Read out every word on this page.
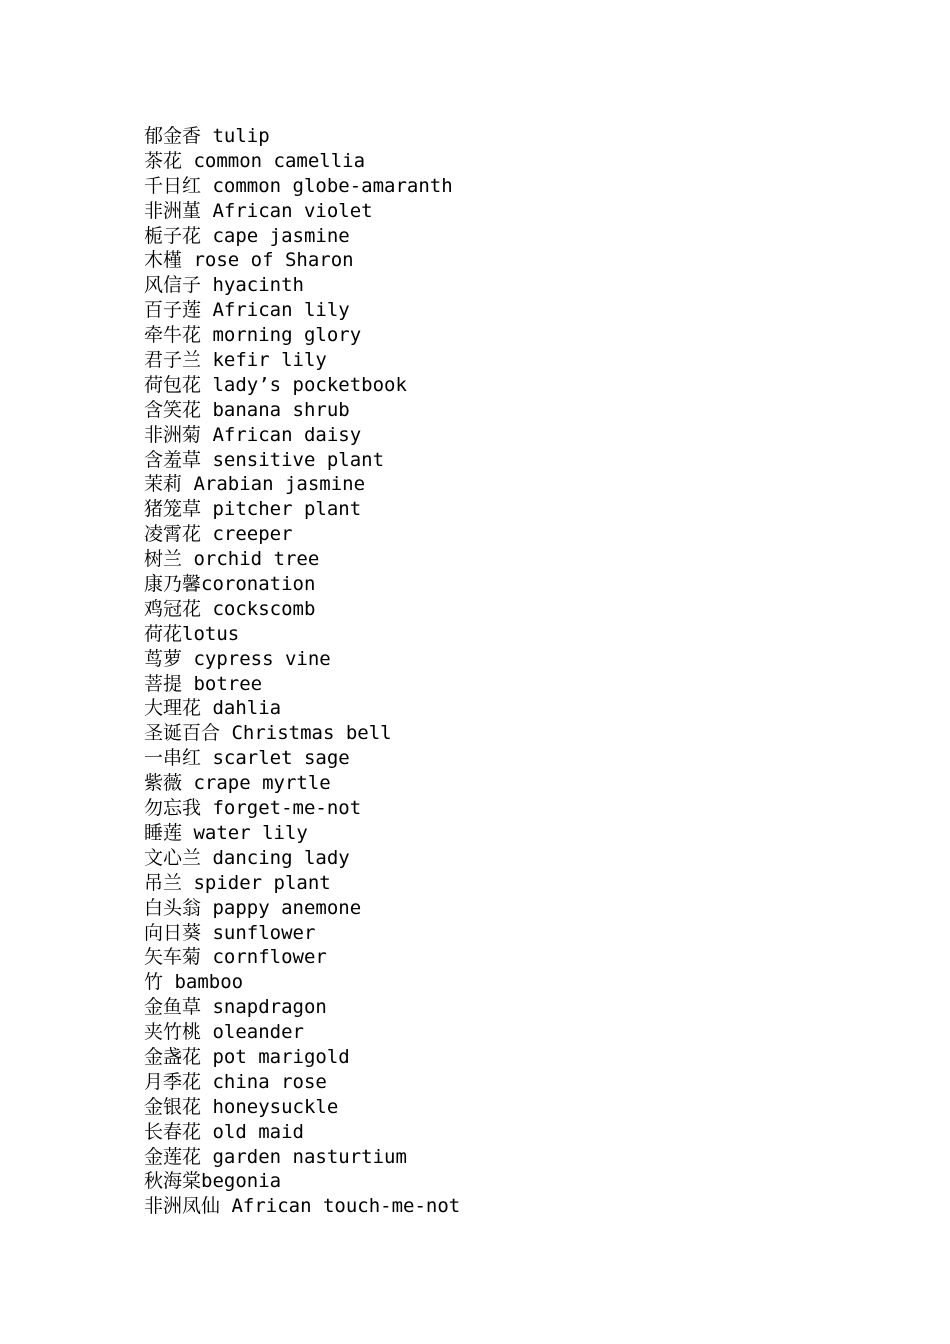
郁金香 tulip
茶花 common camellia
千日红 common globe-amaranth
非洲堇 African violet
栀子花 cape jasmine
木槿 rose of Sharon
风信子 hyacinth
百子莲 African lily
牵牛花 morning glory
君子兰 kefir lily
荷包花 lady’s pocketbook
含笑花 banana shrub
非洲菊 African daisy
含羞草 sensitive plant
茉莉 Arabian jasmine
猪笼草 pitcher plant
凌霄花 creeper
树兰 orchid tree
康乃馨coronation
鸡冠花 cockscomb
荷花lotus
茑萝 cypress vine
菩提 botree
大理花 dahlia
圣诞百合 Christmas bell
一串红 scarlet sage
紫薇 crape myrtle
勿忘我 forget-me-not
睡莲 water lily
文心兰 dancing lady
吊兰 spider plant
白头翁 pappy anemone
向日葵 sunflower
矢车菊 cornflower
竹 bamboo
金鱼草 snapdragon
夹竹桃 oleander
金盏花 pot marigold
月季花 china rose
金银花 honeysuckle
长春花 old maid
金莲花 garden nasturtium
秋海棠begonia
非洲凤仙 African touch-me-not
